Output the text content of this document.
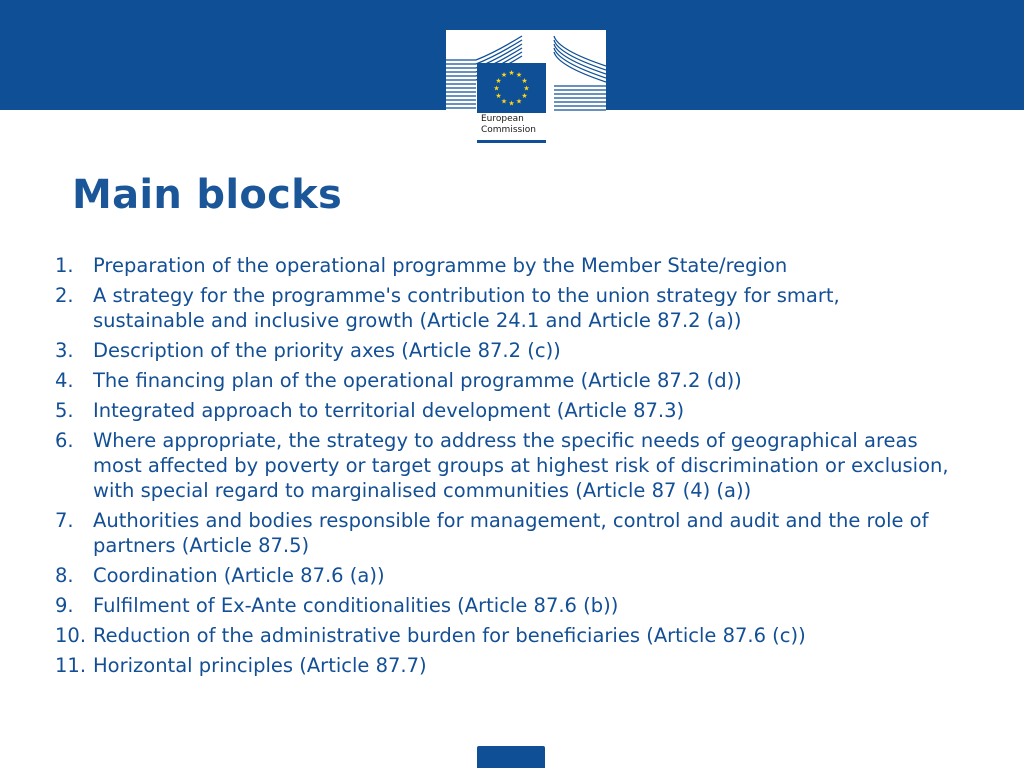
★ ★
★
★
★
★
★
★
★
★
★
★
European
Commission
Main blocks
1. Preparation of the operational programme by the Member State/region
2. A strategy for the programme's contribution to the union strategy for smart, sustainable and inclusive growth (Article 24.1 and Article 87.2 (a))
3. Description of the priority axes (Article 87.2 (c))
4. The financing plan of the operational programme (Article 87.2 (d))
5. Integrated approach to territorial development (Article 87.3)
6. Where appropriate, the strategy to address the specific needs of geographical areas most affected by poverty or target groups at highest risk of discrimination or exclusion, with special regard to marginalised communities (Article 87 (4) (a))
7. Authorities and bodies responsible for management, control and audit and the role of partners (Article 87.5)
8. Coordination (Article 87.6 (a))
9. Fulfilment of Ex-Ante conditionalities (Article 87.6 (b))
10. Reduction of the administrative burden for beneficiaries (Article 87.6 (c))
11. Horizontal principles (Article 87.7)
